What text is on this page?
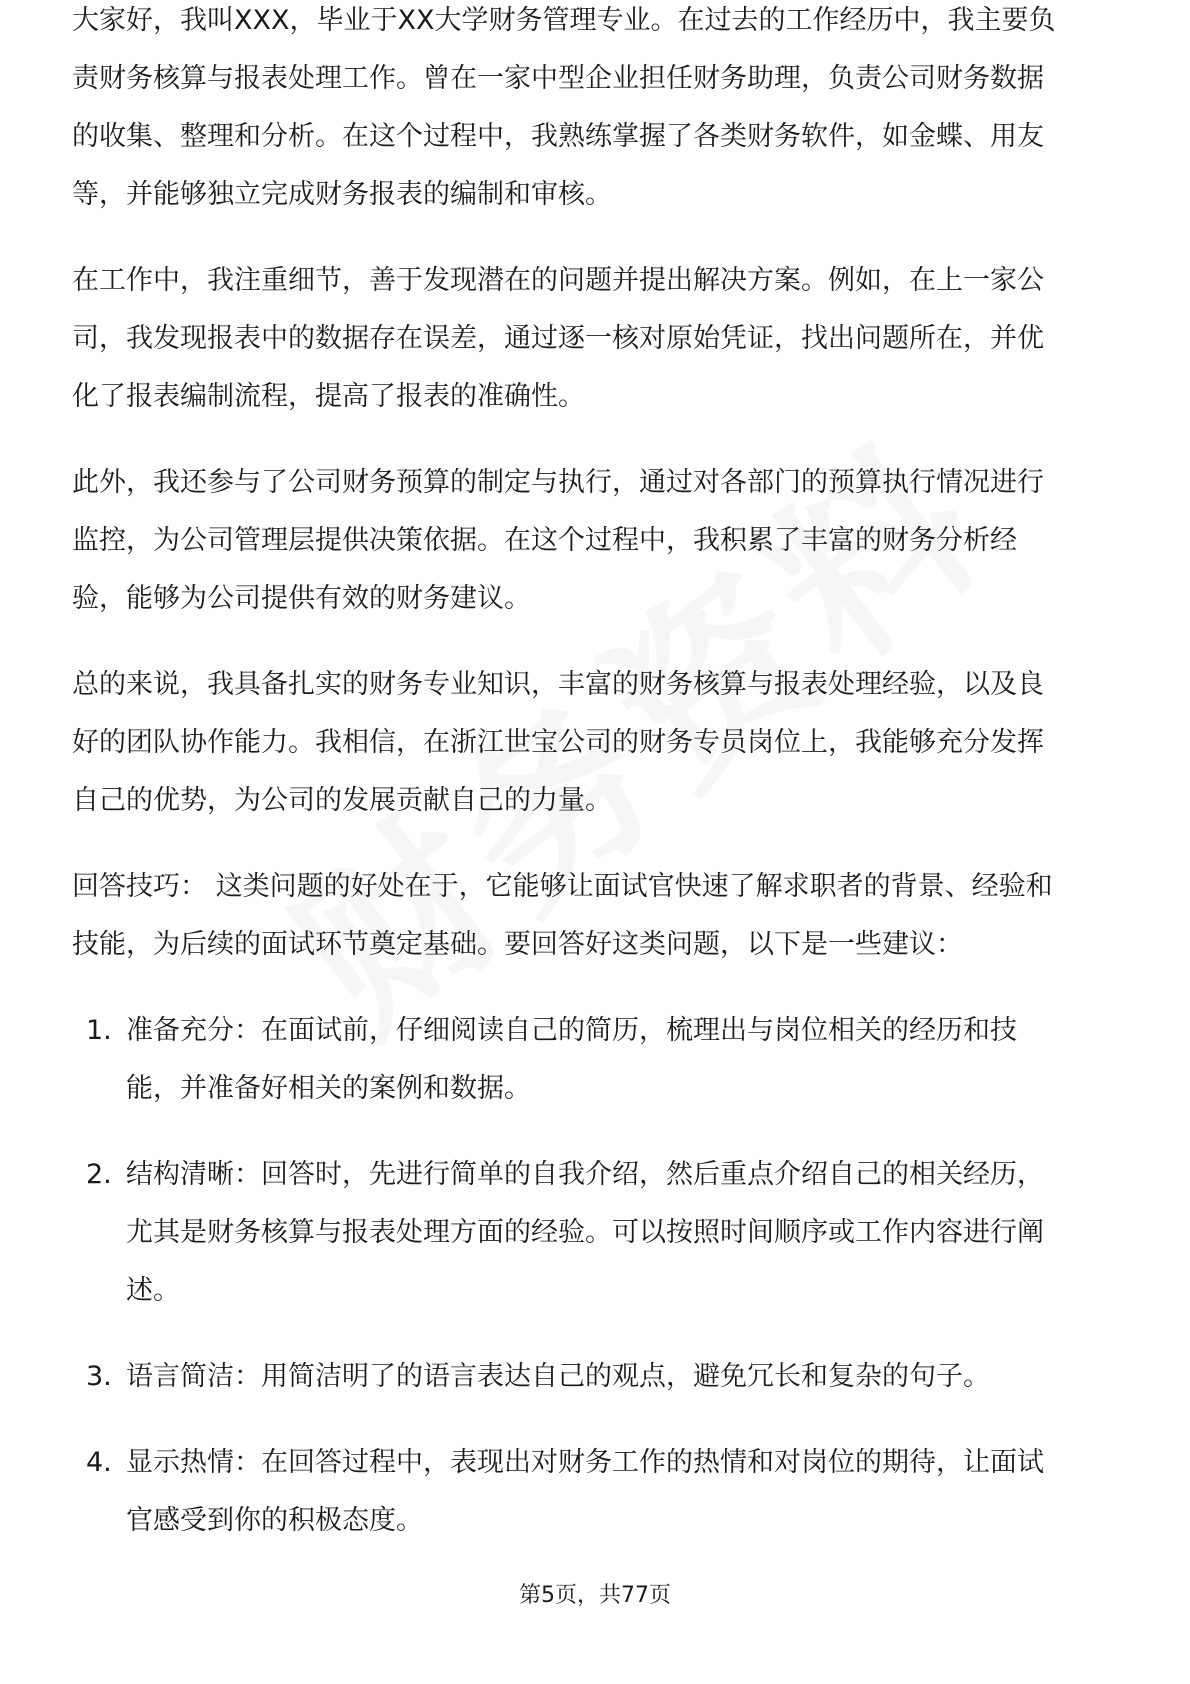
大家好，我叫XXX，毕业于XX大学财务管理专业。在过去的工作经历中，我主要负
责财务核算与报表处理工作。曾在一家中型企业担任财务助理，负责公司财务数据
的收集、整理和分析。在这个过程中，我熟练掌握了各类财务软件，如金蝶、用友
等，并能够独立完成财务报表的编制和审核。
在工作中，我注重细节，善于发现潜在的问题并提出解决方案。例如，在上一家公
司，我发现报表中的数据存在误差，通过逐一核对原始凭证，找出问题所在，并优
化了报表编制流程，提高了报表的准确性。
此外，我还参与了公司财务预算的制定与执行，通过对各部门的预算执行情况进行
监控，为公司管理层提供决策依据。在这个过程中，我积累了丰富的财务分析经
验，能够为公司提供有效的财务建议。
总的来说，我具备扎实的财务专业知识，丰富的财务核算与报表处理经验，以及良
好的团队协作能力。我相信，在浙江世宝公司的财务专员岗位上，我能够充分发挥
自己的优势，为公司的发展贡献自己的力量。
回答技巧： 这类问题的好处在于，它能够让面试官快速了解求职者的背景、经验和
技能，为后续的面试环节奠定基础。要回答好这类问题，以下是一些建议：
1. 准备充分：在面试前，仔细阅读自己的简历，梳理出与岗位相关的经历和技
能，并准备好相关的案例和数据。
2. 结构清晰：回答时，先进行简单的自我介绍，然后重点介绍自己的相关经历，
尤其是财务核算与报表处理方面的经验。可以按照时间顺序或工作内容进行阐
述。
3. 语言简洁：用简洁明了的语言表达自己的观点，避免冗长和复杂的句子。
4. 显示热情：在回答过程中，表现出对财务工作的热情和对岗位的期待，让面试
官感受到你的积极态度。
第5页，共77页
